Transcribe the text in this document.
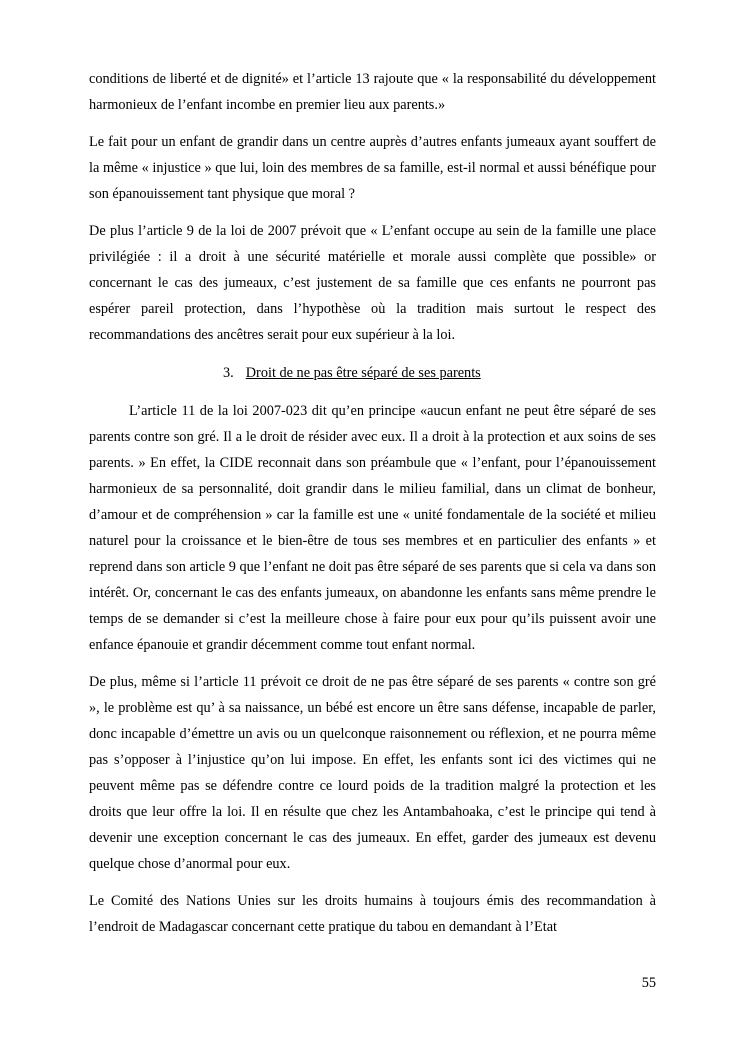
conditions de liberté et de dignité» et l’article 13 rajoute que « la responsabilité du développement harmonieux de l’enfant incombe en premier lieu aux parents.»

Le fait pour un enfant de grandir dans un centre auprès d’autres enfants jumeaux ayant souffert de la même « injustice » que lui, loin des membres de sa famille, est-il normal et aussi bénéfique pour son épanouissement tant physique que moral ?

De plus l’article 9 de la loi de 2007 prévoit que « L’enfant occupe au sein de la famille une place privilégiée : il a droit à une sécurité matérielle et morale aussi complète que possible» or concernant le cas des jumeaux, c’est justement de sa famille que ces enfants ne pourront pas espérer pareil protection, dans l’hypothèse où la tradition mais surtout le respect des recommandations des ancêtres serait pour eux supérieur à la loi.

3. Droit de ne pas être séparé de ses parents

L’article 11 de la loi 2007-023 dit qu’en principe «aucun enfant ne peut être séparé de ses parents contre son gré. Il a le droit de résider avec eux. Il a droit à la protection et aux soins de ses parents. » En effet, la CIDE reconnait dans son préambule que « l’enfant, pour l’épanouissement harmonieux de sa personnalité, doit grandir dans le milieu familial, dans un climat de bonheur, d’amour et de compréhension » car la famille est une « unité fondamentale de la société et milieu naturel pour la croissance et le bien-être de tous ses membres et en particulier des enfants » et reprend dans son article 9 que l’enfant ne doit pas être séparé de ses parents que si cela va dans son intérêt. Or, concernant le cas des enfants jumeaux, on abandonne les enfants sans même prendre le temps de se demander si c’est la meilleure chose à faire pour eux pour qu’ils puissent avoir une enfance épanouie et grandir décemment comme tout enfant normal.

De plus, même si l’article 11 prévoit ce droit de ne pas être séparé de ses parents « contre son gré », le problème est qu’ à sa naissance, un bébé est encore un être sans défense, incapable de parler, donc incapable d’émettre un avis ou un quelconque raisonnement ou réflexion, et ne pourra même pas s’opposer à l’injustice qu’on lui impose. En effet, les enfants sont ici des victimes qui ne peuvent même pas se défendre contre ce lourd poids de la tradition malgré la protection et les droits que leur offre la loi. Il en résulte que chez les Antambahoaka, c’est le principe qui tend à devenir une exception concernant le cas des jumeaux. En effet, garder des jumeaux est devenu quelque chose d’anormal pour eux.

Le Comité des Nations Unies sur les droits humains à toujours émis des recommandation à l’endroit de Madagascar concernant cette pratique du tabou en demandant à l’Etat

55
